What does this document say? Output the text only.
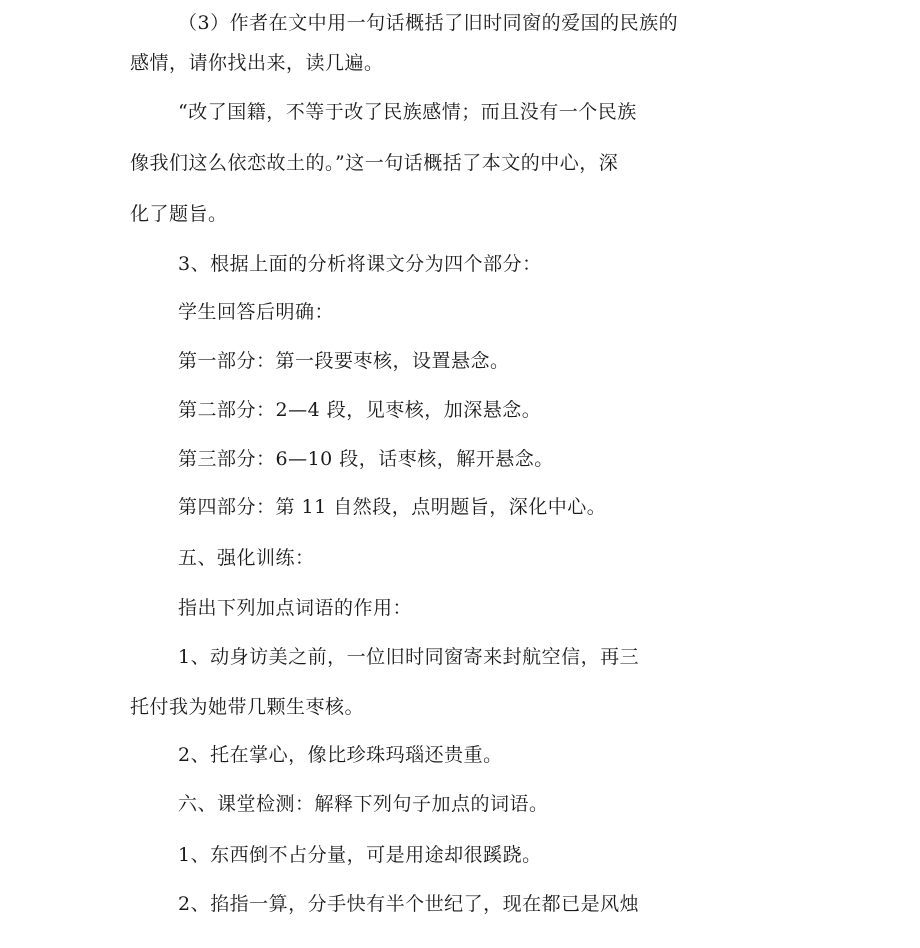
（3）作者在文中用一句话概括了旧时同窗的爱国的民族的
感情，请你找出来，读几遍。
“改了国籍，不等于改了民族感情；而且没有一个民族
像我们这么依恋故土的。”这一句话概括了本文的中心，深
化了题旨。
3、根据上面的分析将课文分为四个部分：
学生回答后明确：
第一部分：第一段要枣核，设置悬念。
第二部分：2—4 段，见枣核，加深悬念。
第三部分：6—10 段，话枣核，解开悬念。
第四部分：第 11 自然段，点明题旨，深化中心。
五、强化训练：
指出下列加点词语的作用：
1、动身访美之前，一位旧时同窗寄来封航空信，再三
托付我为她带几颗生枣核。
2、托在掌心，像比珍珠玛瑙还贵重。
六、课堂检测：解释下列句子加点的词语。
1、东西倒不占分量，可是用途却很蹊跷。
2、掐指一算，分手快有半个世纪了，现在都已是风烛
